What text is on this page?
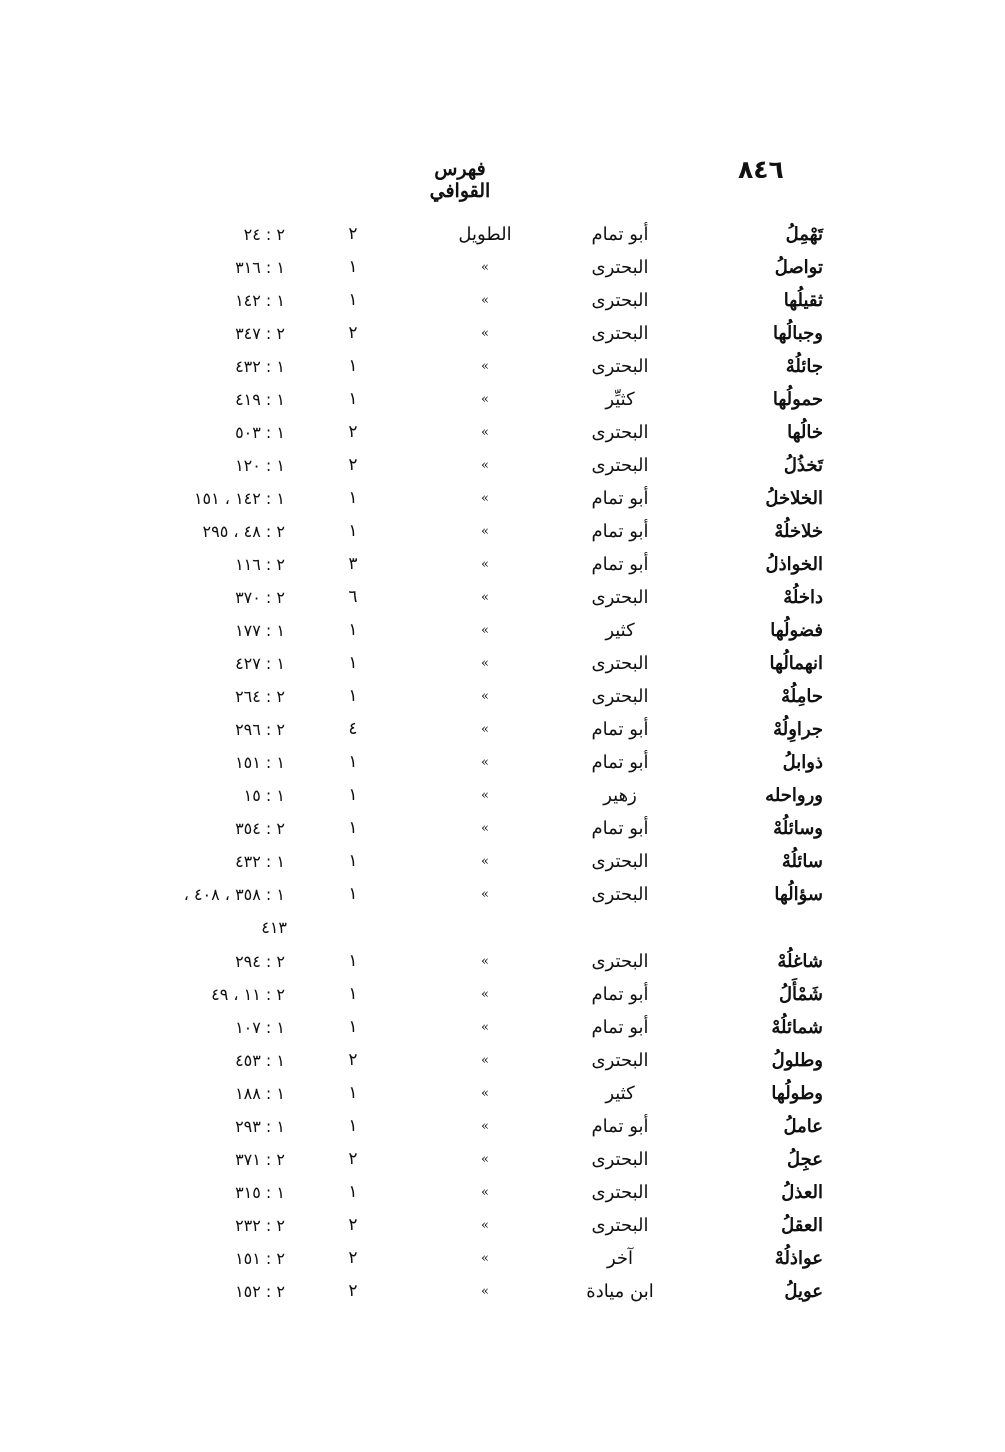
٨٤٦
فهرس القوافي
تَهْمِلُ
أبو تمام
الطويل
٢
٢ : ٢٤
تواصلُ
البحترى
»
١
١ : ٣١٦
ثقيلُها
البحترى
»
١
١ : ١٤٢
وجبالُها
البحترى
»
٢
٢ : ٣٤٧
جائلُهْ
البحترى
»
١
١ : ٤٣٢
حمولُها
كثيِّر
»
١
١ : ٤١٩
خالُها
البحترى
»
٢
١ : ٥٠٣
تَخذُلُ
البحترى
»
٢
١ : ١٢٠
الخلاخلُ
أبو تمام
»
١
١ : ١٤٢ ، ١٥١
خلاخلُهْ
أبو تمام
»
١
٢ : ٤٨ ، ٢٩٥
الخواذلُ
أبو تمام
»
٣
٢ : ١١٦
داخلُهْ
البحترى
»
٦
٢ : ٣٧٠
فضولُها
كثير
»
١
١ : ١٧٧
انهمالُها
البحترى
»
١
١ : ٤٢٧
حامِلُهْ
البحترى
»
١
٢ : ٢٦٤
جراوِلُهْ
أبو تمام
»
٤
٢ : ٢٩٦
ذوابلُ
أبو تمام
»
١
١ : ١٥١
ورواحله
زهير
»
١
١ : ١٥
وسائلُهْ
أبو تمام
»
١
٢ : ٣٥٤
سائلُهْ
البحترى
»
١
١ : ٤٣٢
سؤالُها
البحترى
»
١
١ : ٣٥٨ ، ٤٠٨ ،
٤١٣
شاغلُهْ
البحترى
»
١
٢ : ٢٩٤
شَمْأَلُ
أبو تمام
»
١
٢ : ١١ ، ٤٩
شمائلُهْ
أبو تمام
»
١
١ : ١٠٧
وطلولُ
البحترى
»
٢
١ : ٤٥٣
وطولُها
كثير
»
١
١ : ١٨٨
عاملُ
أبو تمام
»
١
١ : ٢٩٣
عجِلُ
البحترى
»
٢
٢ : ٣٧١
العذلُ
البحترى
»
١
١ : ٣١٥
العقلُ
البحترى
»
٢
٢ : ٢٣٢
عواذلُهْ
آخر
»
٢
٢ : ١٥١
عويلُ
ابن ميادة
»
٢
٢ : ١٥٢
